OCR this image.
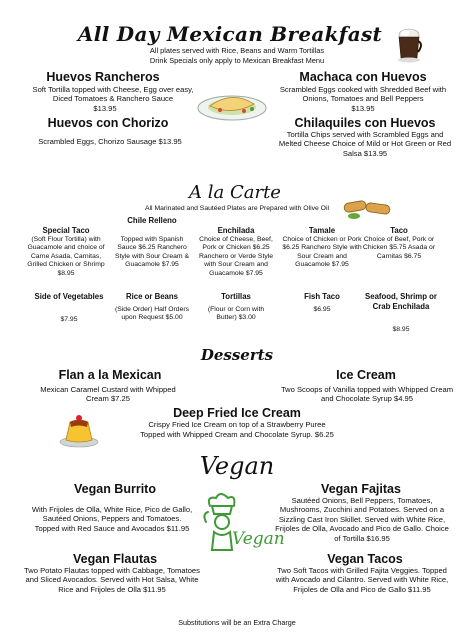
All Day Mexican Breakfast
All plates served with Rice, Beans and Warm Tortillas
Drink Specials only apply to Mexican Breakfast Menu
Huevos Rancheros
Soft Tortilla topped with Cheese, Egg over easy, Diced Tomatoes & Ranchero Sauce
$13.95
Machaca con Huevos
Scrambled Eggs cooked with Shredded Beef with Onions, Tomatoes and Bell Peppers
$13.95
Huevos con Chorizo
Scrambled Eggs, Chorizo Sausage $13.95
Chilaquiles con Huevos
Tortilla Chips served with Scrambled Eggs and Melted Cheese Choice of Mild or Hot Green or Red Salsa $13.95
A la Carte
All Marinated and Sautéed Plates are Prepared with Olive Oil
Special Taco
(Soft Flour Tortilla) with Guacamole and choice of Carne Asada, Carnitas, Grilled Chicken or Shrimp $8.95
Chile Relleno
Topped with Spanish Sauce $6.25 Ranchero Style with Sour Cream & Guacamole $7.95
Enchilada
Choice of Cheese, Beef, Pork or Chicken $6.25 Ranchero or Verde Style with Sour Cream and Guacamole $7.95
Tamale
Choice of Chicken or Pork $6.25 Ranchero Style with Sour Cream and Guacamole $7.95
Taco
Choice of Beef, Pork or Chicken $5.75 Asada or Carnitas $6.75
Side of Vegetables
$7.95
Rice or Beans
(Side Order) Half Orders upon Request $5.00
Tortillas
(Flour or Corn with Butter) $3.00
Fish Taco
$6.95
Seafood, Shrimp or Crab Enchilada
$8.95
Desserts
Flan a la Mexican
Mexican Caramel Custard with Whipped Cream $7.25
Ice Cream
Two Scoops of Vanilla topped with Whipped Cream and Chocolate Syrup $4.95
Deep Fried Ice Cream
Crispy Fried Ice Cream on top of a Strawberry Puree
Topped with Whipped Cream and Chocolate Syrup. $6.25
Vegan
Vegan Burrito
With Frijoles de Olla, White Rice, Pico de Gallo, Sautéed Onions, Peppers and Tomatoes. Topped with Red Sauce and Avocados $11.95
Vegan Fajitas
Sautéed Onions, Bell Peppers, Tomatoes, Mushrooms, Zucchini and Potatoes. Served on a Sizzling Cast Iron Skillet. Served with White Rice, Frijoles de Olla, Avocado and Pico de Gallo. Choice of Tortilla $16.95
Vegan Flautas
Two Potato Flautas topped with Cabbage, Tomatoes and Sliced Avocados. Served with Hot Salsa, White Rice and Frijoles de Olla $11.95
Vegan Tacos
Two Soft Tacos with Grilled Fajita Veggies. Topped with Avocado and Cilantro. Served with White Rice, Frijoles de Olla and Pico de Gallo $11.95
Vegan
Substitutions will be an Extra Charge
